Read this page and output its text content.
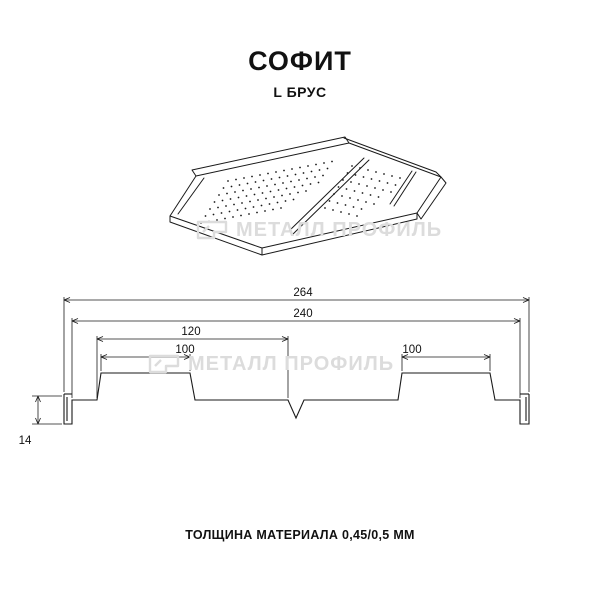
СОФИТ
L БРУС
264
240
120
100	100
14
МЕТАЛЛ ПРОФИЛЬ
МЕТАЛЛ ПРОФИЛЬ
ТОЛЩИНА МАТЕРИАЛА 0,45/0,5 ММ
